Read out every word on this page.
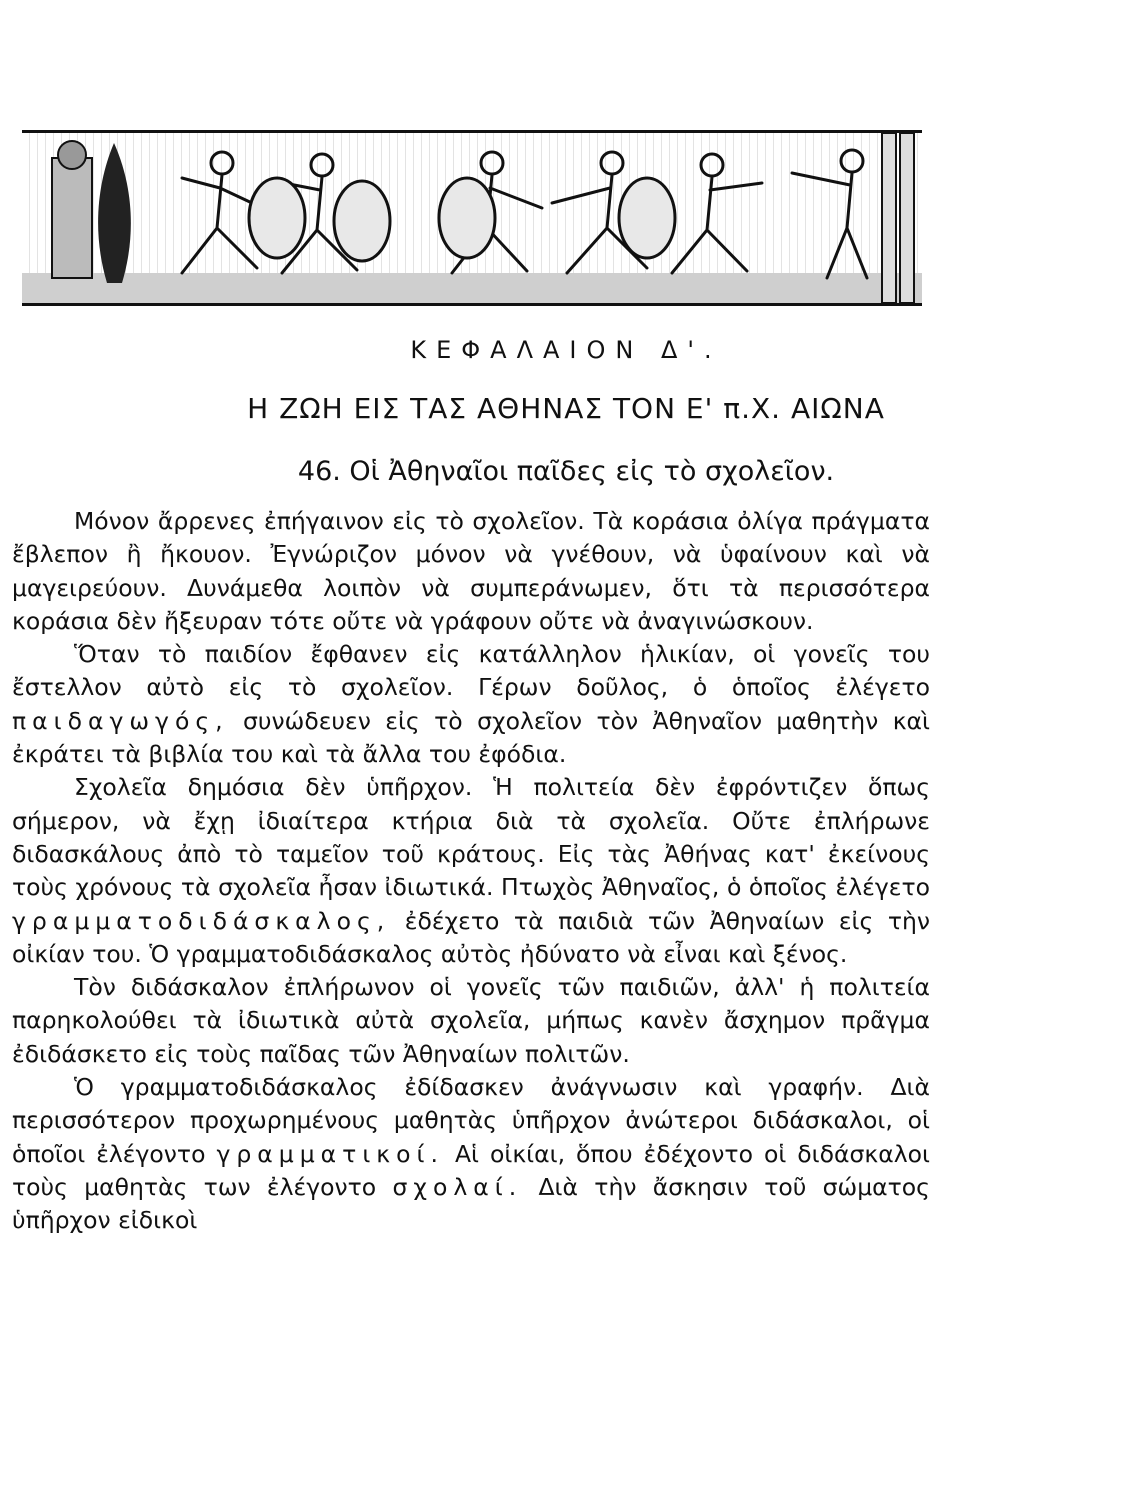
ΚΕΦΑΛΑΙΟΝ Δ'.
Η ΖΩΗ ΕΙΣ ΤΑΣ ΑΘΗΝΑΣ ΤΟΝ Ε' π.Χ. ΑΙΩΝΑ
46. Οἱ Ἀθηναῖοι παῖδες εἰς τὸ σχολεῖον.

Μόνον ἄρρενες ἐπήγαινον εἰς τὸ σχολεῖον. Τὰ κοράσια ὀλίγα πράγματα ἔβλεπον ἢ ἤκουον. Ἐγνώριζον μόνον νὰ γνέθουν, νὰ ὑφαίνουν καὶ νὰ μαγειρεύουν. Δυνάμεθα λοιπὸν νὰ συμπεράνωμεν, ὅτι τὰ περισσότερα κοράσια δὲν ἤξευραν τότε οὔτε νὰ γράφουν οὔτε νὰ ἀναγινώσκουν.

Ὅταν τὸ παιδίον ἔφθανεν εἰς κατάλληλον ἡλικίαν, οἱ γονεῖς του ἔστελλον αὐτὸ εἰς τὸ σχολεῖον. Γέρων δοῦλος, ὁ ὁποῖος ἐλέγετο παιδαγωγός, συνώδευεν εἰς τὸ σχολεῖον τὸν Ἀθηναῖον μαθητὴν καὶ ἐκράτει τὰ βιβλία του καὶ τὰ ἄλλα του ἐφόδια.

Σχολεῖα δημόσια δὲν ὑπῆρχον. Ἡ πολιτεία δὲν ἐφρόντιζεν ὅπως σήμερον, νὰ ἔχῃ ἰδιαίτερα κτήρια διὰ τὰ σχολεῖα. Οὔτε ἐπλήρωνε διδασκάλους ἀπὸ τὸ ταμεῖον τοῦ κράτους. Εἰς τὰς Ἀθήνας κατ' ἐκείνους τοὺς χρόνους τὰ σχολεῖα ἦσαν ἰδιωτικά. Πτωχὸς Ἀθηναῖος, ὁ ὁποῖος ἐλέγετο γραμματοδιδάσκαλος, ἐδέχετο τὰ παιδιὰ τῶν Ἀθηναίων εἰς τὴν οἰκίαν του. Ὁ γραμματοδιδάσκαλος αὐτὸς ἠδύνατο νὰ εἶναι καὶ ξένος.

Τὸν διδάσκαλον ἐπλήρωνον οἱ γονεῖς τῶν παιδιῶν, ἀλλ' ἡ πολιτεία παρηκολούθει τὰ ἰδιωτικὰ αὐτὰ σχολεῖα, μήπως κανὲν ἄσχημον πρᾶγμα ἐδιδάσκετο εἰς τοὺς παῖδας τῶν Ἀθηναίων πολιτῶν.

Ὁ γραμματοδιδάσκαλος ἐδίδασκεν ἀνάγνωσιν καὶ γραφήν. Διὰ περισσότερον προχωρημένους μαθητὰς ὑπῆρχον ἀνώτεροι διδάσκαλοι, οἱ ὁποῖοι ἐλέγοντο γραμματικοί. Αἱ οἰκίαι, ὅπου ἐδέχοντο οἱ διδάσκαλοι τοὺς μαθητὰς των ἐλέγοντο σχολαί. Διὰ τὴν ἄσκησιν τοῦ σώματος ὑπῆρχον εἰδικοὶ
